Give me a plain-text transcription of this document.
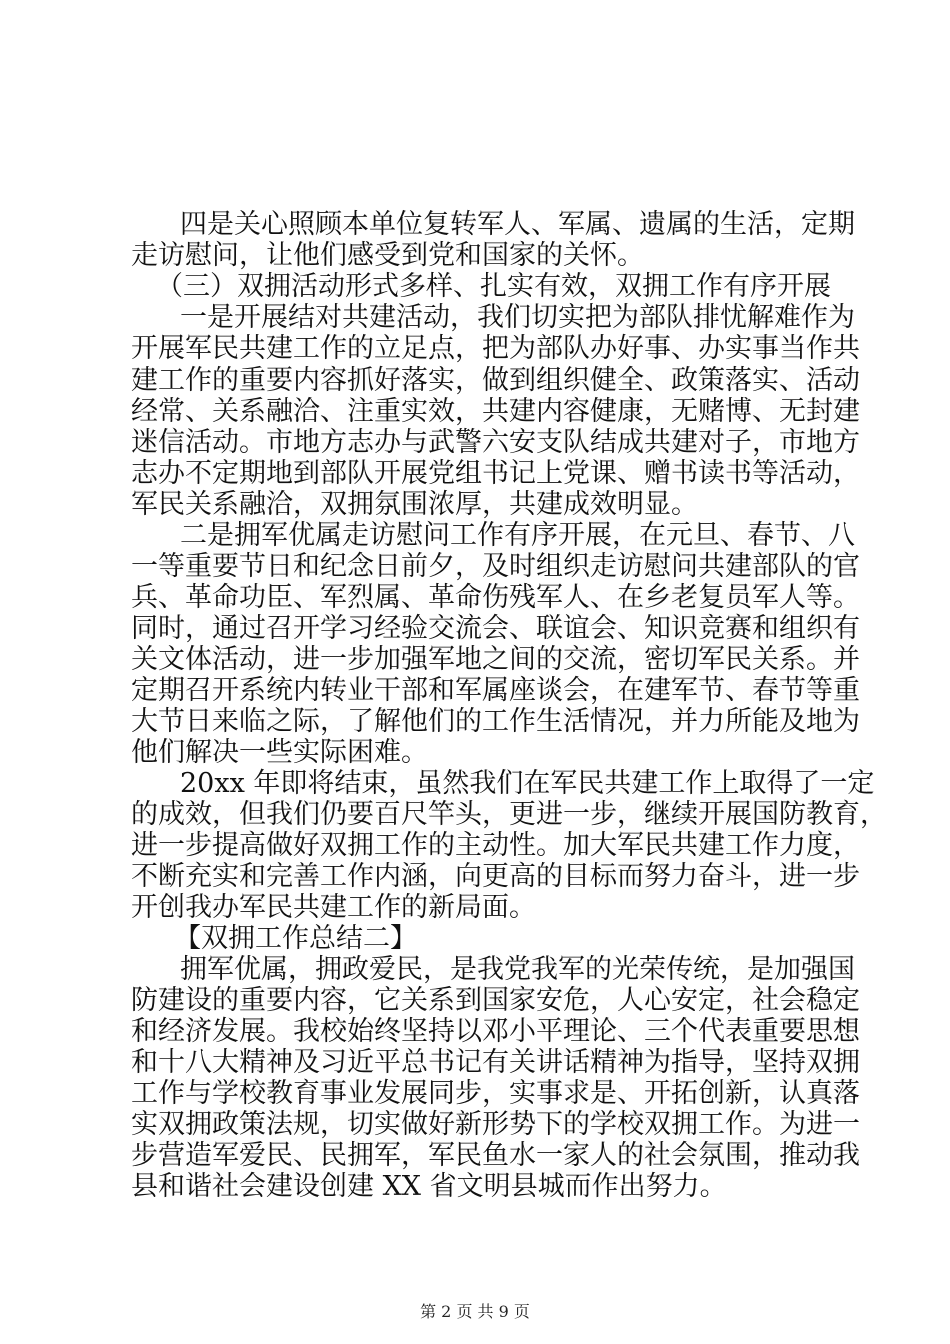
四是关心照顾本单位复转军人、军属、遗属的生活，定期
走访慰问，让他们感受到党和国家的关怀。
（三）双拥活动形式多样、扎实有效，双拥工作有序开展
一是开展结对共建活动，我们切实把为部队排忧解难作为
开展军民共建工作的立足点，把为部队办好事、办实事当作共
建工作的重要内容抓好落实，做到组织健全、政策落实、活动
经常、关系融洽、注重实效，共建内容健康，无赌博、无封建
迷信活动。市地方志办与武警六安支队结成共建对子，市地方
志办不定期地到部队开展党组书记上党课、赠书读书等活动，
军民关系融洽，双拥氛围浓厚，共建成效明显。
二是拥军优属走访慰问工作有序开展，在元旦、春节、八
一等重要节日和纪念日前夕，及时组织走访慰问共建部队的官
兵、革命功臣、军烈属、革命伤残军人、在乡老复员军人等。
同时，通过召开学习经验交流会、联谊会、知识竞赛和组织有
关文体活动，进一步加强军地之间的交流，密切军民关系。并
定期召开系统内转业干部和军属座谈会，在建军节、春节等重
大节日来临之际，了解他们的工作生活情况，并力所能及地为
他们解决一些实际困难。
20xx 年即将结束，虽然我们在军民共建工作上取得了一定
的成效，但我们仍要百尺竿头，更进一步，继续开展国防教育，
进一步提高做好双拥工作的主动性。加大军民共建工作力度，
不断充实和完善工作内涵，向更高的目标而努力奋斗，进一步
开创我办军民共建工作的新局面。
【双拥工作总结二】
拥军优属，拥政爱民，是我党我军的光荣传统，是加强国
防建设的重要内容，它关系到国家安危，人心安定，社会稳定
和经济发展。我校始终坚持以邓小平理论、三个代表重要思想
和十八大精神及习近平总书记有关讲话精神为指导，坚持双拥
工作与学校教育事业发展同步，实事求是、开拓创新，认真落
实双拥政策法规，切实做好新形势下的学校双拥工作。为进一
步营造军爱民、民拥军，军民鱼水一家人的社会氛围，推动我
县和谐社会建设创建 XX 省文明县城而作出努力。
第 2 页 共 9 页
